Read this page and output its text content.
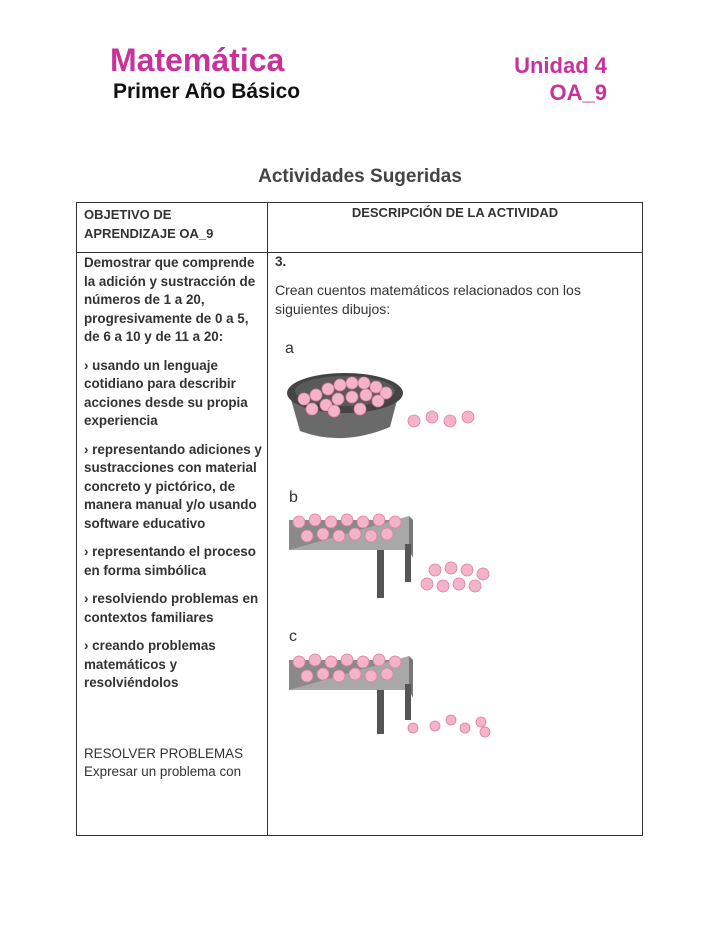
Matemática
Primer Año Básico
Unidad 4
OA_9
Actividades Sugeridas
OBJETIVO DE APRENDIZAJE OA_9
DESCRIPCIÓN DE LA ACTIVIDAD

Demostrar que comprende la adición y sustracción de números de 1 a 20, progresivamente de 0 a 5, de 6 a 10 y de 11 a 20:

› usando un lenguaje cotidiano para describir acciones desde su propia experiencia

› representando adiciones y sustracciones con material concreto y pictórico, de manera manual y/o usando software educativo

› representando el proceso en forma simbólica

› resolviendo problemas en contextos familiares

› creando problemas matemáticos y resolviéndolos

RESOLVER PROBLEMAS
Expresar un problema con
3.
Crean cuentos matemáticos relacionados con los siguientes dibujos:
a
b
c
